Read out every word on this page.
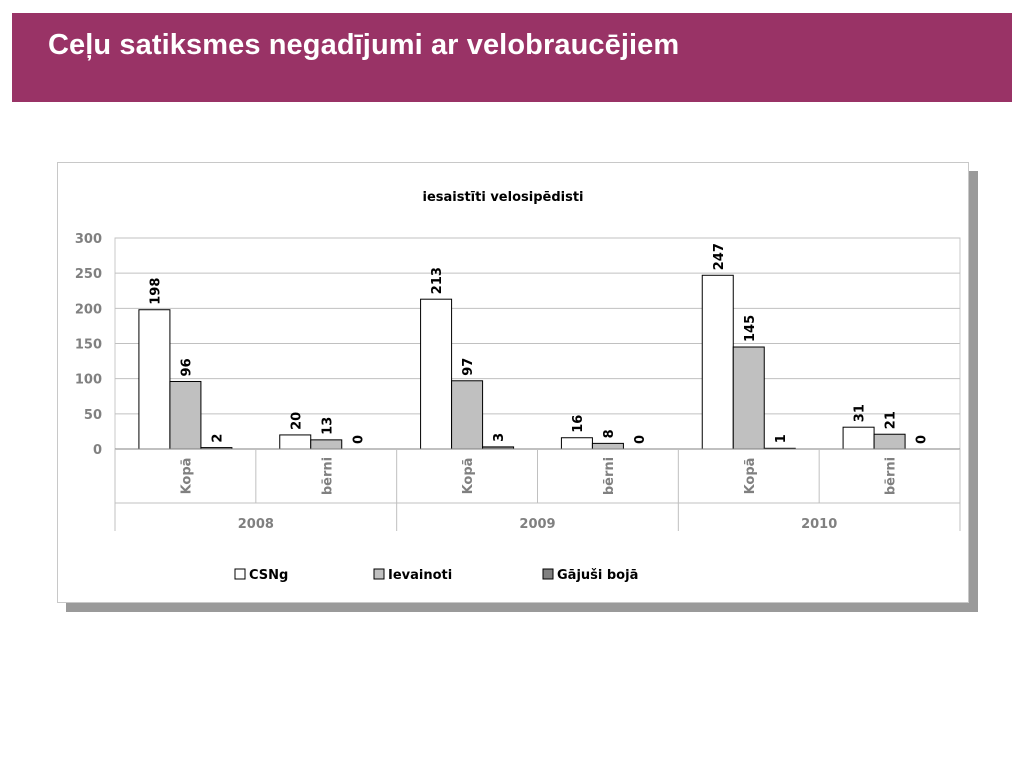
Ceļu satiksmes negadījumi ar velobraucējiem
iesaistīti velosipēdisti
0
50
100
150
200
250
300
Kopā	bērni	Kopā	bērni	Kopā	bērni
2008	2009	2010
198
96
2
20 13
0
213
97
3
16
8
0
247
145
1
31 21
0
CSNg	Ievainoti	Gājuši bojā
